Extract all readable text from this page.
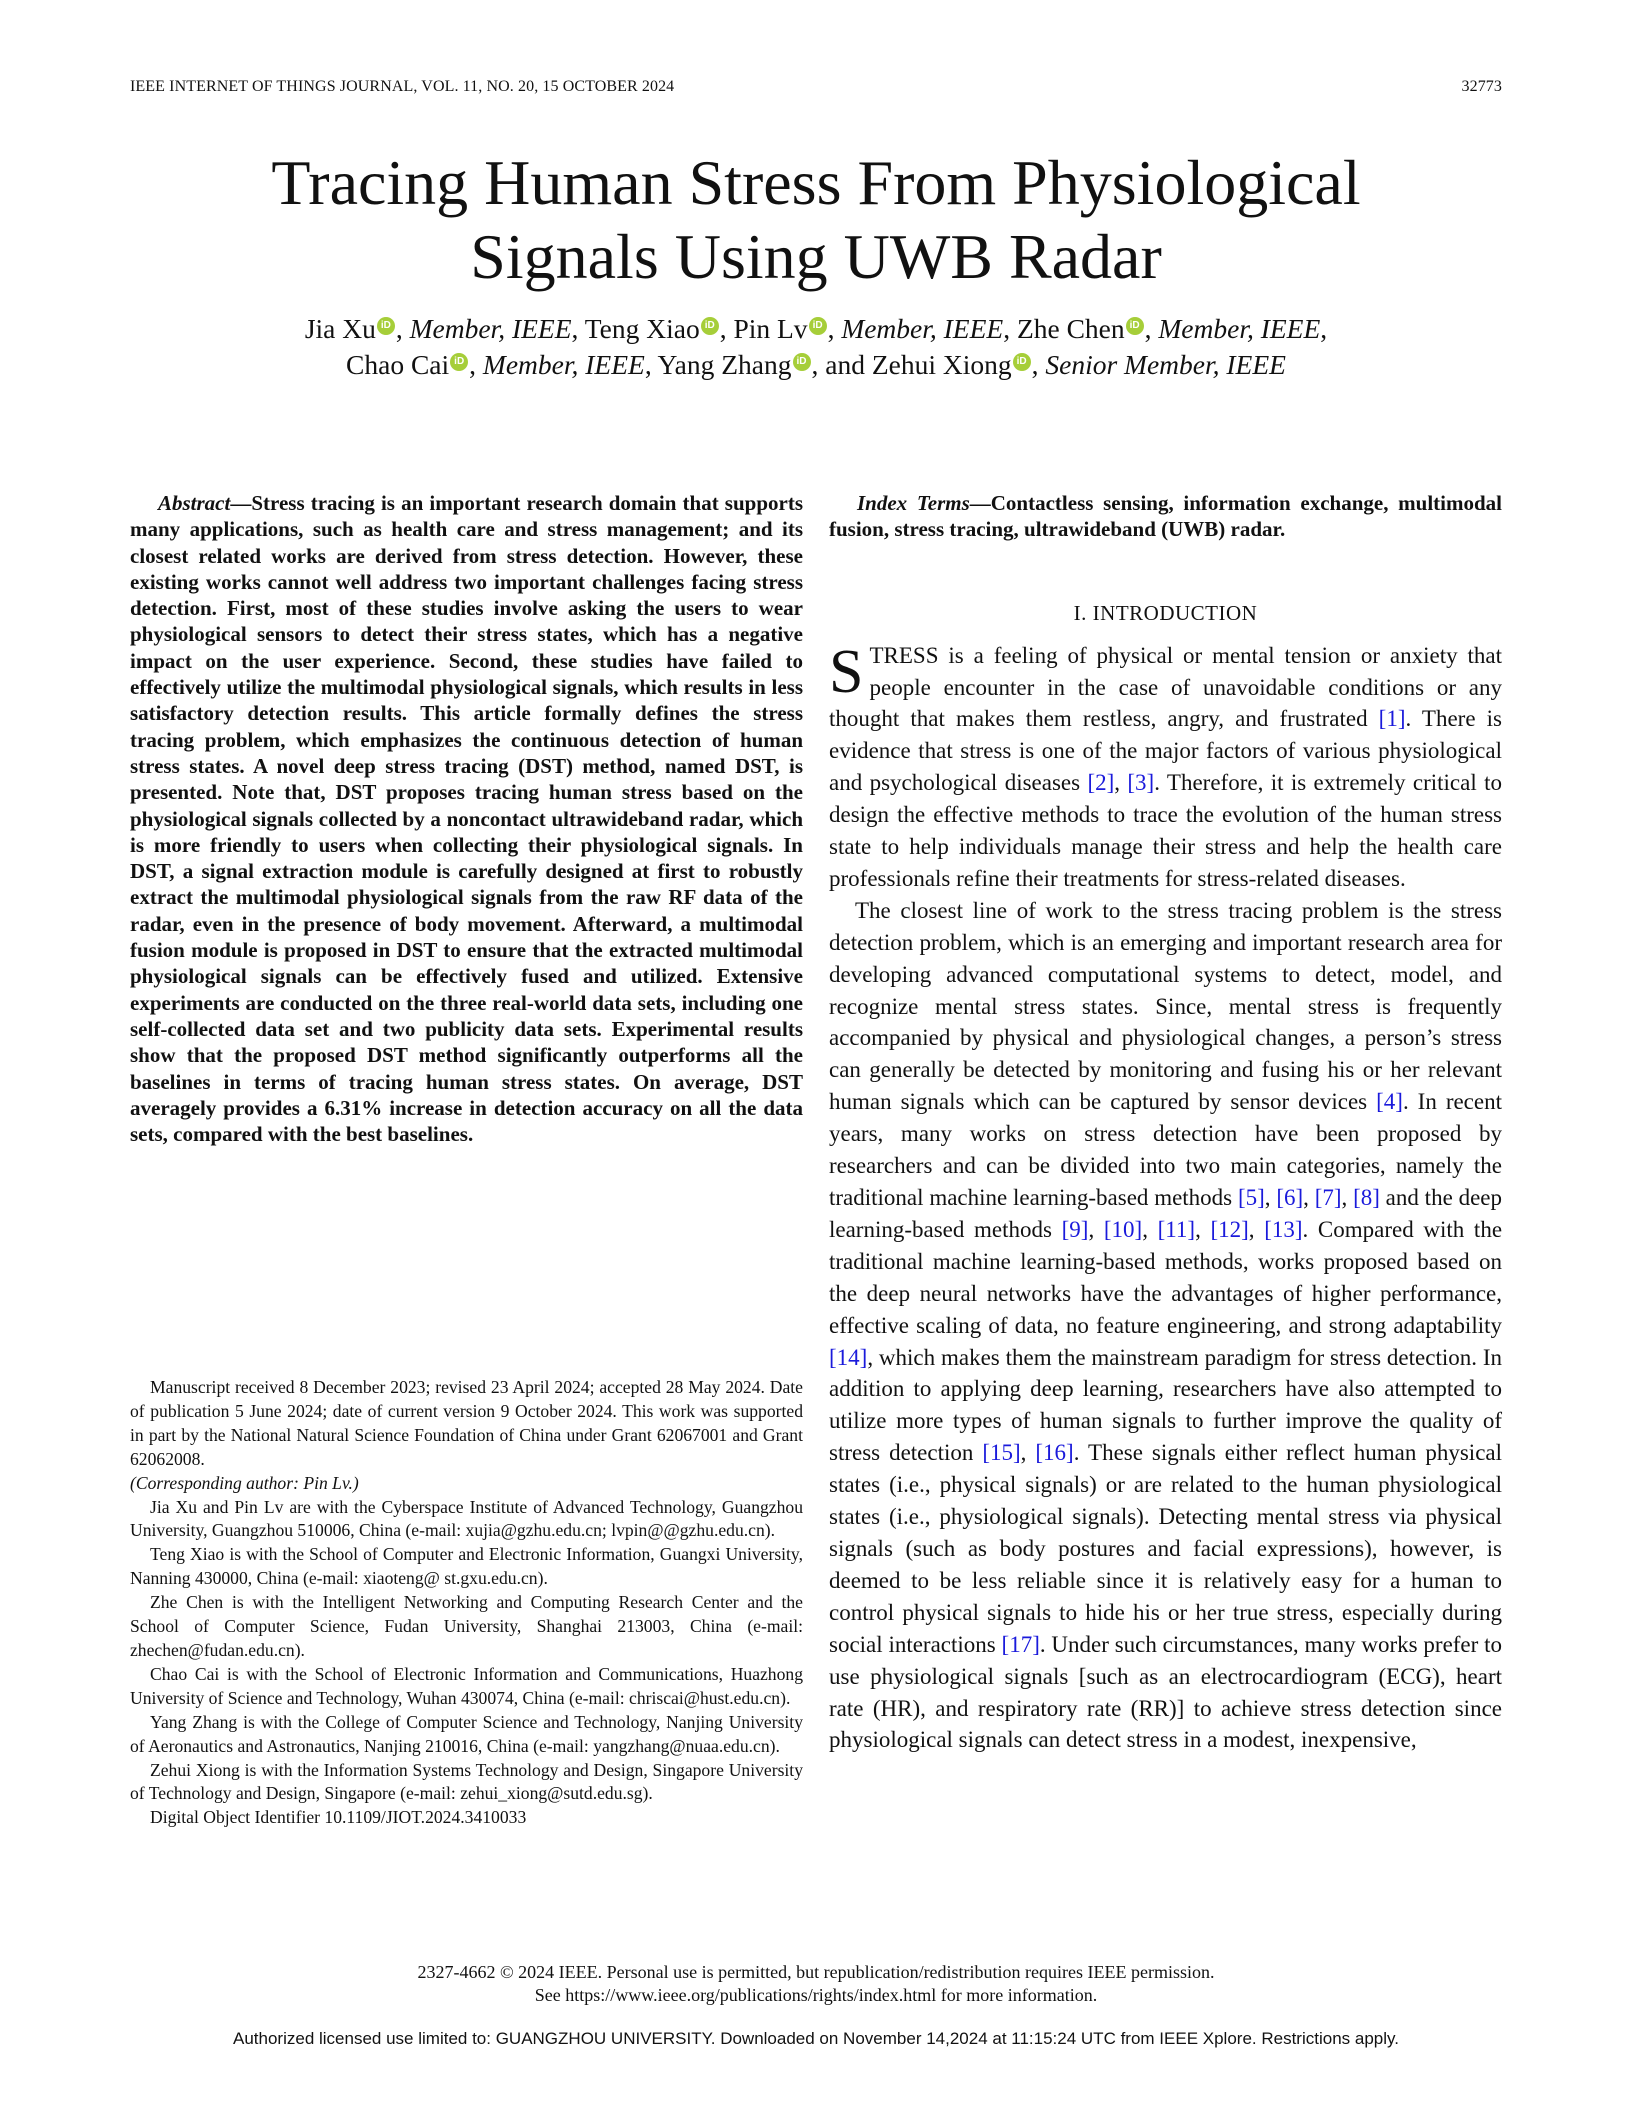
IEEE INTERNET OF THINGS JOURNAL, VOL. 11, NO. 20, 15 OCTOBER 2024	32773
Tracing Human Stress From Physiological
Signals Using UWB Radar
Jia Xu iD , Member, IEEE, Teng Xiao iD , Pin Lv iD , Member, IEEE, Zhe Chen iD , Member, IEEE,
Chao Cai iD , Member, IEEE, Yang Zhang iD , and Zehui Xiong iD , Senior Member, IEEE

Abstract—Stress tracing is an important research domain that supports many applications, such as health care and stress management; and its closest related works are derived from stress detection. However, these existing works cannot well address two important challenges facing stress detection. First, most of these studies involve asking the users to wear physiological sensors to detect their stress states, which has a negative impact on the user experience. Second, these studies have failed to effectively utilize the multimodal physiological signals, which results in less satisfactory detection results. This article formally defines the stress tracing problem, which emphasizes the continuous detection of human stress states. A novel deep stress tracing (DST) method, named DST, is presented. Note that, DST proposes tracing human stress based on the physiological signals collected by a noncontact ultrawideband radar, which is more friendly to users when collecting their physiological signals. In DST, a signal extraction module is carefully designed at first to robustly extract the multimodal physiological signals from the raw RF data of the radar, even in the presence of body movement. Afterward, a multimodal fusion module is proposed in DST to ensure that the extracted multimodal physiological signals can be effectively fused and utilized. Extensive experiments are conducted on the three real-world data sets, including one self-collected data set and two publicity data sets. Experimental results show that the proposed DST method significantly outperforms all the baselines in terms of tracing human stress states. On average, DST averagely provides a 6.31% increase in detection accuracy on all the data sets, compared with the best baselines.

Manuscript received 8 December 2023; revised 23 April 2024; accepted 28 May 2024. Date of publication 5 June 2024; date of current version 9 October 2024. This work was supported in part by the National Natural Science Foundation of China under Grant 62067001 and Grant 62062008.

(Corresponding author: Pin Lv.)

Jia Xu and Pin Lv are with the Cyberspace Institute of Advanced Technology, Guangzhou University, Guangzhou 510006, China (e-mail: xujia@gzhu.edu.cn; lvpin@@gzhu.edu.cn).

Teng Xiao is with the School of Computer and Electronic Information, Guangxi University, Nanning 430000, China (e-mail: xiaoteng@ st.gxu.edu.cn).

Zhe Chen is with the Intelligent Networking and Computing Research Center and the School of Computer Science, Fudan University, Shanghai 213003, China (e-mail: zhechen@fudan.edu.cn).

Chao Cai is with the School of Electronic Information and Communications, Huazhong University of Science and Technology, Wuhan 430074, China (e-mail: chriscai@hust.edu.cn).

Yang Zhang is with the College of Computer Science and Technology, Nanjing University of Aeronautics and Astronautics, Nanjing 210016, China (e-mail: yangzhang@nuaa.edu.cn).

Zehui Xiong is with the Information Systems Technology and Design, Singapore University of Technology and Design, Singapore (e-mail: zehui_xiong@sutd.edu.sg).

Digital Object Identifier 10.1109/JIOT.2024.3410033

Index Terms—Contactless sensing, information exchange, multimodal fusion, stress tracing, ultrawideband (UWB) radar.

I. INTRODUCTION

STRESS is a feeling of physical or mental tension or anxiety that people encounter in the case of unavoidable conditions or any thought that makes them restless, angry, and frustrated [1]. There is evidence that stress is one of the major factors of various physiological and psychological diseases [2], [3]. Therefore, it is extremely critical to design the effective methods to trace the evolution of the human stress state to help individuals manage their stress and help the health care professionals refine their treatments for stress-related diseases.

The closest line of work to the stress tracing problem is the stress detection problem, which is an emerging and important research area for developing advanced computational systems to detect, model, and recognize mental stress states. Since, mental stress is frequently accompanied by physical and physiological changes, a person’s stress can generally be detected by monitoring and fusing his or her relevant human signals which can be captured by sensor devices [4]. In recent years, many works on stress detection have been proposed by researchers and can be divided into two main categories, namely the traditional machine learning-based methods [5], [6], [7], [8] and the deep learning-based methods [9], [10], [11], [12], [13]. Compared with the traditional machine learning-based methods, works proposed based on the deep neural networks have the advantages of higher performance, effective scaling of data, no feature engineering, and strong adaptability [14], which makes them the mainstream paradigm for stress detection. In addition to applying deep learning, researchers have also attempted to utilize more types of human signals to further improve the quality of stress detection [15], [16]. These signals either reflect human physical states (i.e., physical signals) or are related to the human physiological states (i.e., physiological signals). Detecting mental stress via physical signals (such as body postures and facial expressions), however, is deemed to be less reliable since it is relatively easy for a human to control physical signals to hide his or her true stress, especially during social interactions [17]. Under such circumstances, many works prefer to use physiological signals [such as an electrocardiogram (ECG), heart rate (HR), and respiratory rate (RR)] to achieve stress detection since physiological signals can detect stress in a modest, inexpensive,

2327-4662 © 2024 IEEE. Personal use is permitted, but republication/redistribution requires IEEE permission.
See https://www.ieee.org/publications/rights/index.html for more information.
Authorized licensed use limited to: GUANGZHOU UNIVERSITY. Downloaded on November 14,2024 at 11:15:24 UTC from IEEE Xplore. Restrictions apply.
